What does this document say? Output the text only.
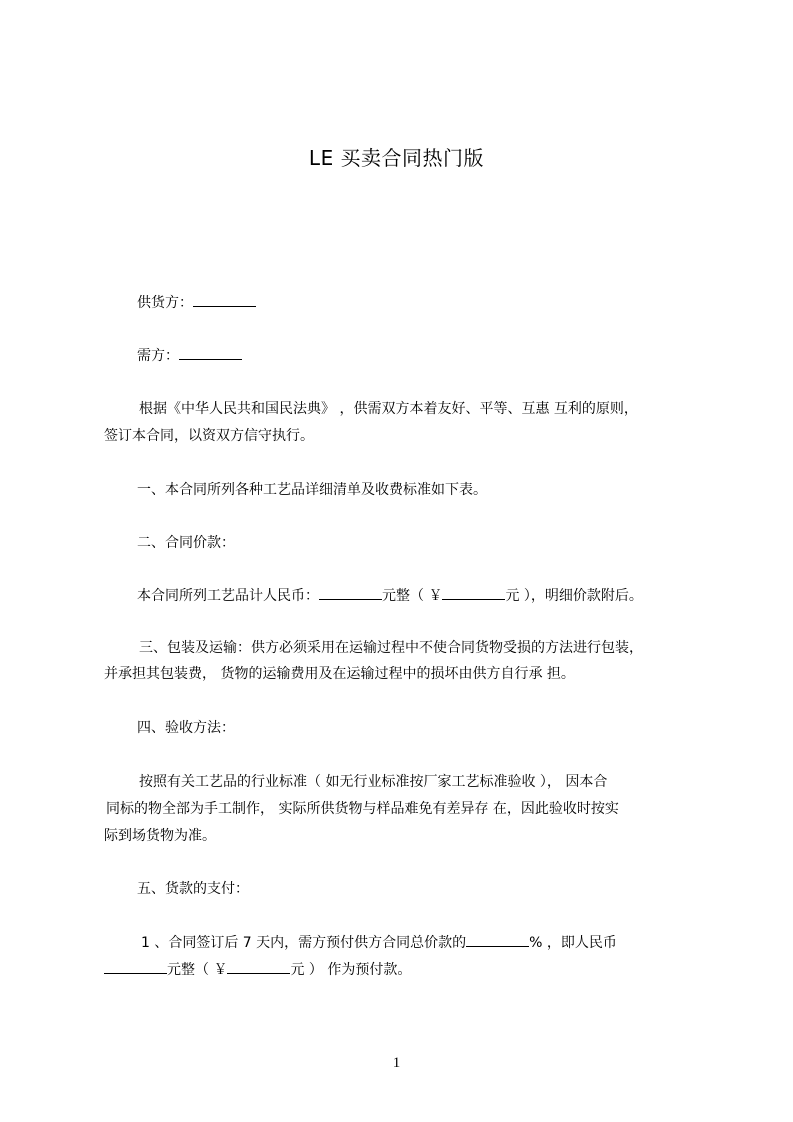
LE 买卖合同热门版
供货方：
需方：
根据《中华人民共和国民法典》 ，供需双方本着友好、平等、互惠 互利的原则，
签订本合同，以资双方信守执行。
一、本合同所列各种工艺品详细清单及收费标准如下表。
二、合同价款：
本合同所列工艺品计人民币：	元整（ ￥	元 ），明细价款附后。
三、包装及运输：供方必须采用在运输过程中不使合同货物受损的方法进行包装，
并承担其包装费， 货物的运输费用及在运输过程中的损坏由供方自行承 担。
四、验收方法：
按照有关工艺品的行业标准（ 如无行业标准按厂家工艺标准验收 ）， 因本合
同标的物全部为手工制作， 实际所供货物与样品难免有差异存 在，因此验收时按实
际到场货物为准。
五、货款的支付：
1 、合同签订后 7 天内，需方预付供方合同总价款的	% ，即人民币
元整（ ￥	元 ） 作为预付款。
1
